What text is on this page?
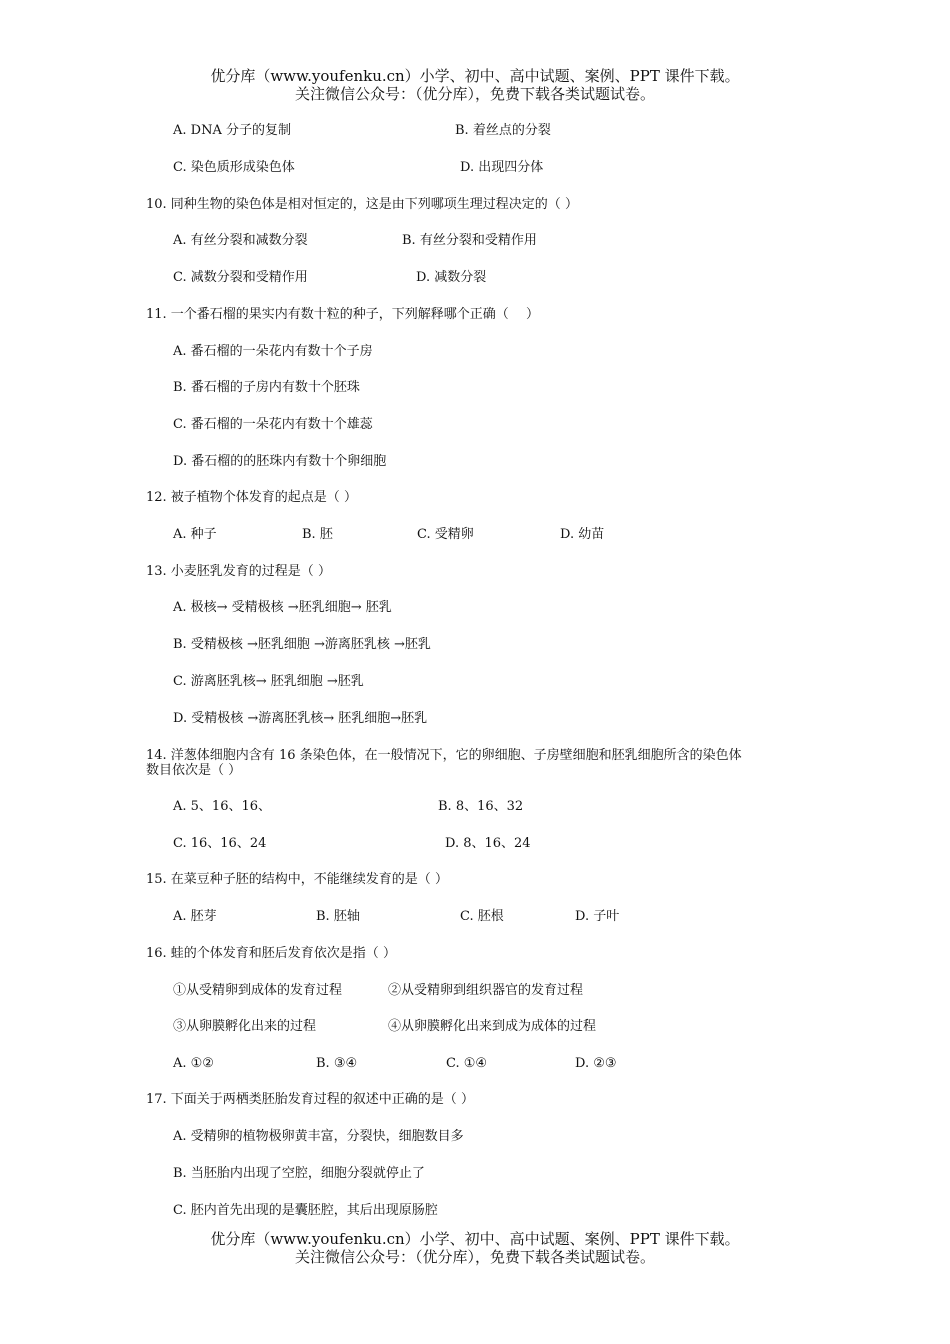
优分库（www.youfenku.cn）小学、初中、高中试题、案例、PPT 课件下载。
关注微信公众号：（优分库），免费下载各类试题试卷。
A. DNA 分子的复制	B. 着丝点的分裂
C. 染色质形成染色体	D. 出现四分体
10. 同种生物的染色体是相对恒定的，这是由下列哪项生理过程决定的（ ）
A. 有丝分裂和减数分裂	B. 有丝分裂和受精作用
C. 减数分裂和受精作用	D. 减数分裂
11. 一个番石榴的果实内有数十粒的种子，下列解释哪个正确（　 ）
A. 番石榴的一朵花内有数十个子房
B. 番石榴的子房内有数十个胚珠
C. 番石榴的一朵花内有数十个雄蕊
D. 番石榴的的胚珠内有数十个卵细胞
12. 被子植物个体发育的起点是（ ）
A. 种子	B. 胚	C. 受精卵	D. 幼苗
13. 小麦胚乳发育的过程是（ ）
A. 极核→ 受精极核 →胚乳细胞→ 胚乳
B. 受精极核 →胚乳细胞 →游离胚乳核 →胚乳
C. 游离胚乳核→ 胚乳细胞 →胚乳
D. 受精极核 →游离胚乳核→ 胚乳细胞→胚乳
14. 洋葱体细胞内含有 16 条染色体，在一般情况下，它的卵细胞、子房壁细胞和胚乳细胞所含的染色体
数目依次是（ ）
A. 5、16、16、	B. 8、16、32
C. 16、16、24	D. 8、16、24
15. 在菜豆种子胚的结构中，不能继续发育的是（ ）
A. 胚芽	B. 胚轴	C. 胚根	D. 子叶
16. 蛙的个体发育和胚后发育依次是指（ ）
①从受精卵到成体的发育过程	②从受精卵到组织器官的发育过程
③从卵膜孵化出来的过程	④从卵膜孵化出来到成为成体的过程
A. ①②	B. ③④	C. ①④	D. ②③
17. 下面关于两栖类胚胎发育过程的叙述中正确的是（ ）
A. 受精卵的植物极卵黄丰富，分裂快，细胞数目多
B. 当胚胎内出现了空腔，细胞分裂就停止了
C. 胚内首先出现的是囊胚腔，其后出现原肠腔
优分库（www.youfenku.cn）小学、初中、高中试题、案例、PPT 课件下载。
关注微信公众号：（优分库），免费下载各类试题试卷。
